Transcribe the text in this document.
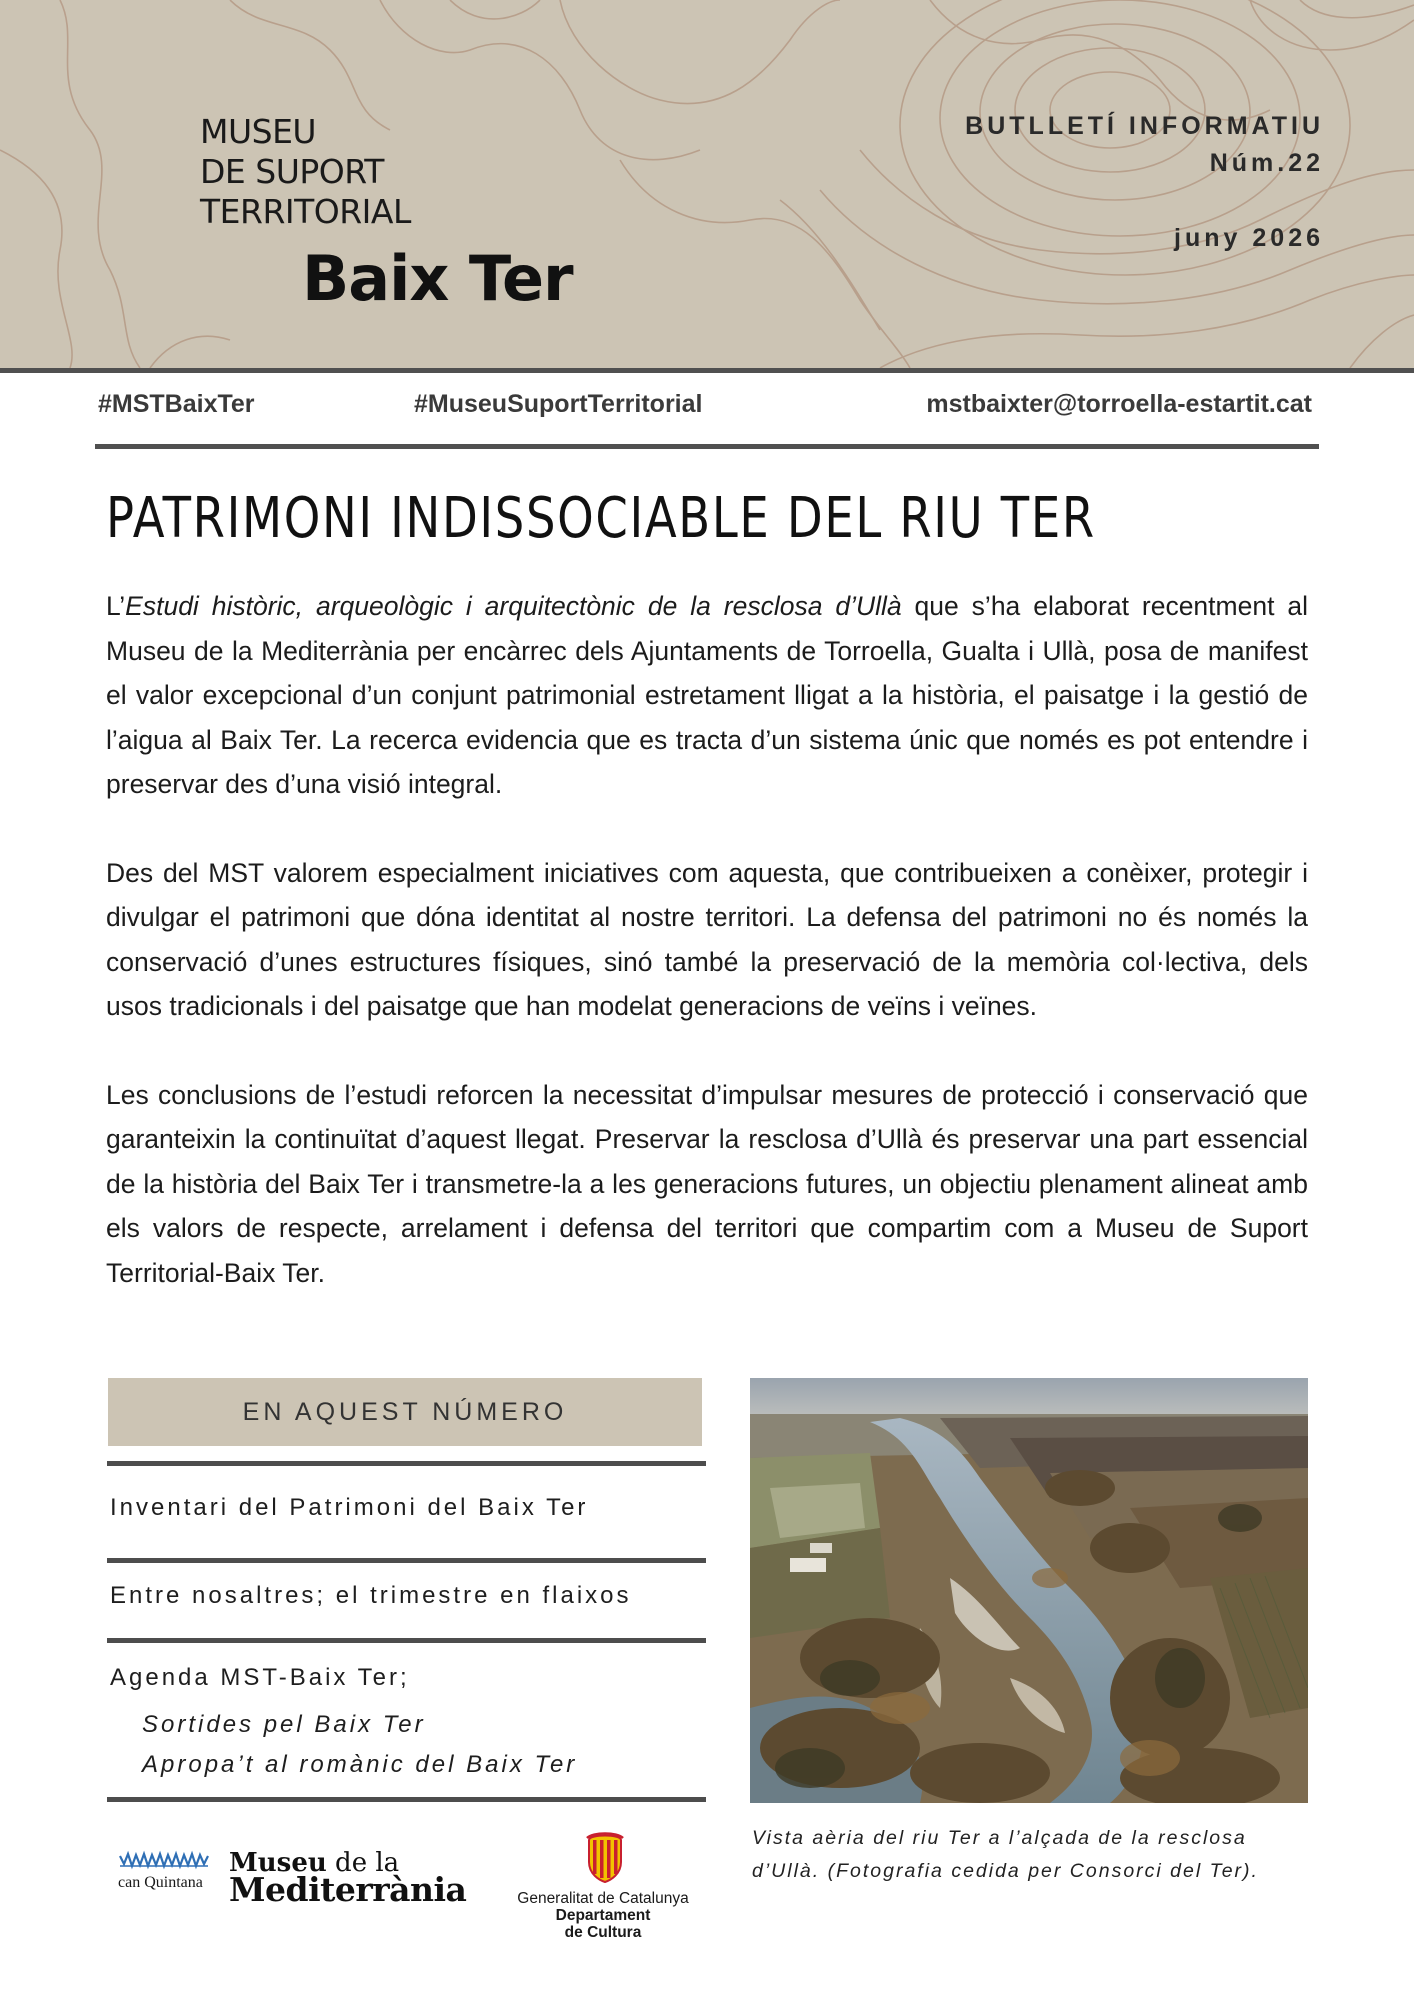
MUSEU
DE SUPORT
TERRITORIAL
Baix Ter
BUTLLETÍ INFORMATIU
Núm.22
juny 2026
#MSTBaixTer	#MuseuSuportTerritorial	mstbaixter@torroella-estartit.cat
PATRIMONI INDISSOCIABLE DEL RIU TER

L’Estudi històric, arqueològic i arquitectònic de la resclosa d’Ullà que s’ha elaborat recentment al Museu de la Mediterrània per encàrrec dels Ajuntaments de Torroella, Gualta i Ullà, posa de manifest el valor excepcional d’un conjunt patrimonial estretament lligat a la història, el paisatge i la gestió de l’aigua al Baix Ter. La recerca evidencia que es tracta d’un sistema únic que només es pot entendre i preservar des d’una visió integral.

Des del MST valorem especialment iniciatives com aquesta, que contribueixen a conèixer, protegir i divulgar el patrimoni que dóna identitat al nostre territori. La defensa del patrimoni no és només la conservació d’unes estructures físiques, sinó també la preservació de la memòria col·lectiva, dels usos tradicionals i del paisatge que han modelat generacions de veïns i veïnes.

Les conclusions de l’estudi reforcen la necessitat d’impulsar mesures de protecció i conservació que garanteixin la continuïtat d’aquest llegat. Preservar la resclosa d’Ullà és preservar una part essencial de la història del Baix Ter i transmetre-la a les generacions futures, un objectiu plenament alineat amb els valors de respecte, arrelament i defensa del territori que compartim com a Museu de Suport Territorial-Baix Ter.

EN AQUEST NÚMERO
Inventari del Patrimoni del Baix Ter
Entre nosaltres; el trimestre en flaixos
Agenda MST-Baix Ter;
Sortides pel Baix Ter
Apropa’t al romànic del Baix Ter
Vista aèria del riu Ter a l’alçada de la resclosa
d’Ullà. (Fotografia cedida per Consorci del Ter).
can Quintana
Museu de la
Mediterrània	Generalitat de Catalunya
Departament
de Cultura
